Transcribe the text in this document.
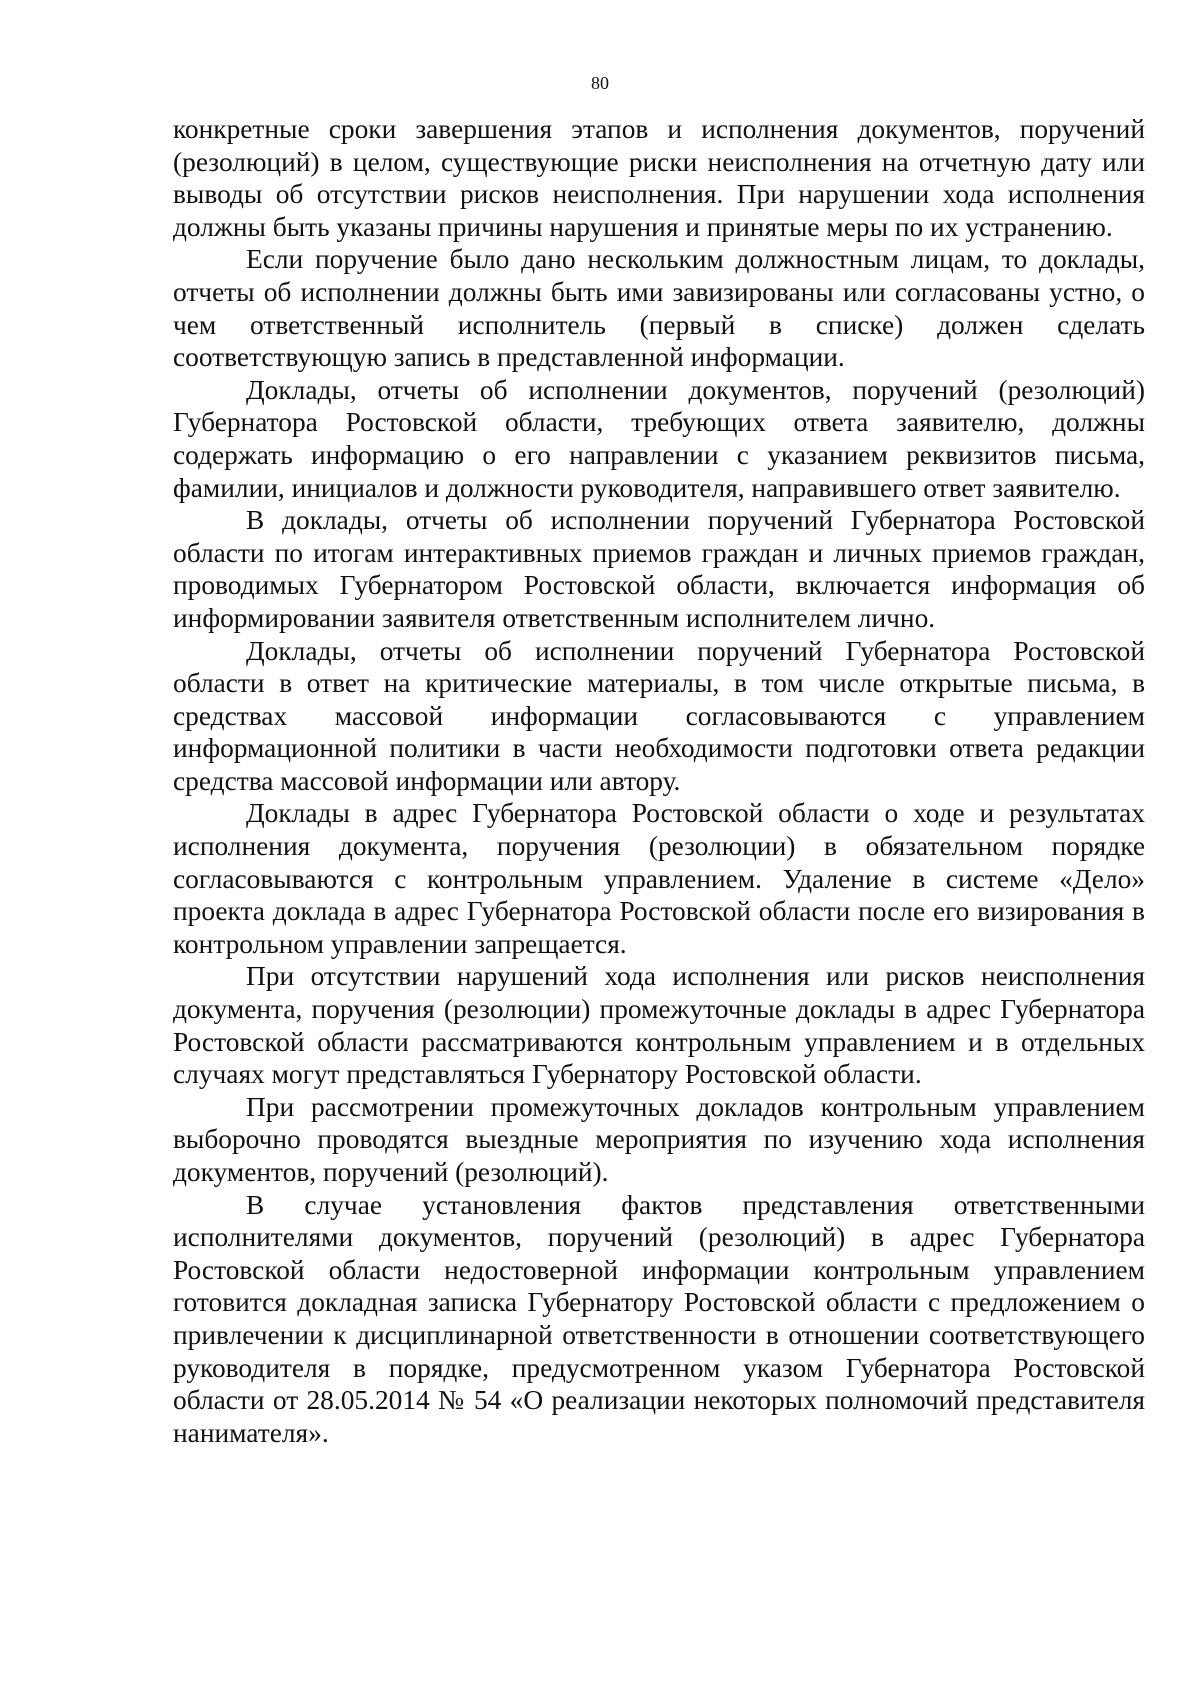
80

конкретные сроки завершения этапов и исполнения документов, поручений (резолюций) в целом, существующие риски неисполнения на отчетную дату или выводы об отсутствии рисков неисполнения. При нарушении хода исполнения должны быть указаны причины нарушения и принятые меры по их устранению.

Если поручение было дано нескольким должностным лицам, то доклады, отчеты об исполнении должны быть ими завизированы или согласованы устно, о чем ответственный исполнитель (первый в списке) должен сделать соответствующую запись в представленной информации.

Доклады, отчеты об исполнении документов, поручений (резолюций) Губернатора Ростовской области, требующих ответа заявителю, должны содержать информацию о его направлении с указанием реквизитов письма, фамилии, инициалов и должности руководителя, направившего ответ заявителю.

В доклады, отчеты об исполнении поручений Губернатора Ростовской области по итогам интерактивных приемов граждан и личных приемов граждан, проводимых Губернатором Ростовской области, включается информация об информировании заявителя ответственным исполнителем лично.

Доклады, отчеты об исполнении поручений Губернатора Ростовской области в ответ на критические материалы, в том числе открытые письма, в средствах массовой информации согласовываются с управлением информационной политики в части необходимости подготовки ответа редакции средства массовой информации или автору.

Доклады в адрес Губернатора Ростовской области о ходе и результатах исполнения документа, поручения (резолюции) в обязательном порядке согласовываются с контрольным управлением. Удаление в системе «Дело» проекта доклада в адрес Губернатора Ростовской области после его визирования в контрольном управлении запрещается.

При отсутствии нарушений хода исполнения или рисков неисполнения документа, поручения (резолюции) промежуточные доклады в адрес Губернатора Ростовской области рассматриваются контрольным управлением и в отдельных случаях могут представляться Губернатору Ростовской области.

При рассмотрении промежуточных докладов контрольным управлением выборочно проводятся выездные мероприятия по изучению хода исполнения документов, поручений (резолюций).

В случае установления фактов представления ответственными исполнителями документов, поручений (резолюций) в адрес Губернатора Ростовской области недостоверной информации контрольным управлением готовится докладная записка Губернатору Ростовской области с предложением о привлечении к дисциплинарной ответственности в отношении соответствующего руководителя в порядке, предусмотренном указом Губернатора Ростовской области от 28.05.2014 № 54 «О реализации некоторых полномочий представителя нанимателя».
